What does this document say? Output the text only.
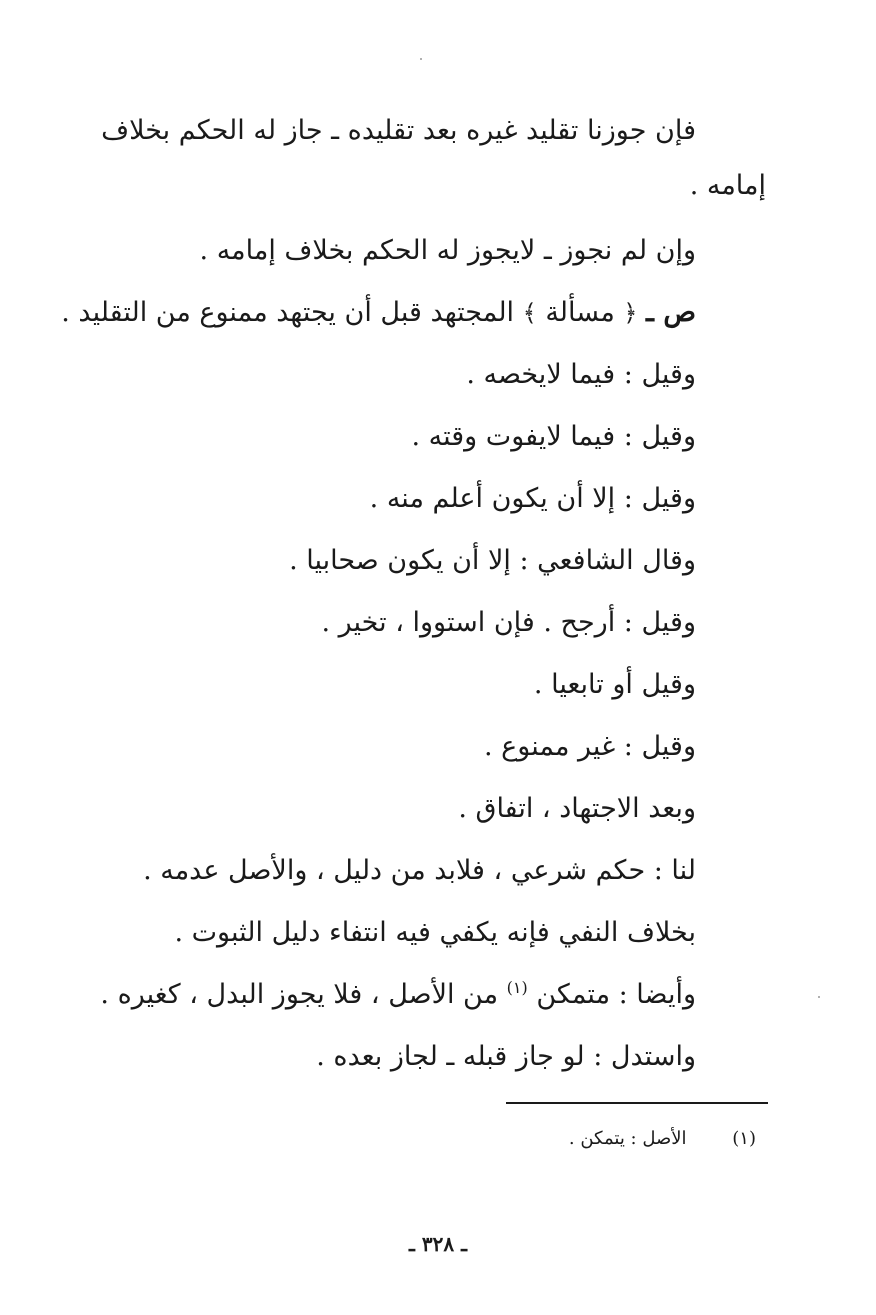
فإن جوزنا تقليد غيره بعد تقليده ـ جاز له الحكم بخلاف
إمامه .
وإن لم نجوز ـ لايجوز له الحكم بخلاف إمامه .
ص ـ ﴿ مسألة ﴾ المجتهد قبل أن يجتهد ممنوع من التقليد .
وقيل : فيما لايخصه .
وقيل : فيما لايفوت وقته .
وقيل : إلا أن يكون أعلم منه .
وقال الشافعي : إلا أن يكون صحابيا .
وقيل : أرجح . فإن استووا ، تخير .
وقيل أو تابعيا .
وقيل : غير ممنوع .
وبعد الاجتهاد ، اتفاق .
لنا : حكم شرعي ، فلابد من دليل ، والأصل عدمه .
بخلاف النفي فإنه يكفي فيه انتفاء دليل الثبوت .
وأيضا : متمكن $^{(١)}$ من الأصل ، فلا يجوز البدل ، كغيره .
واستدل : لو جاز قبله ـ لجاز بعده .
(١) الأصل : يتمكن .
ـ ٣٢٨ ـ
